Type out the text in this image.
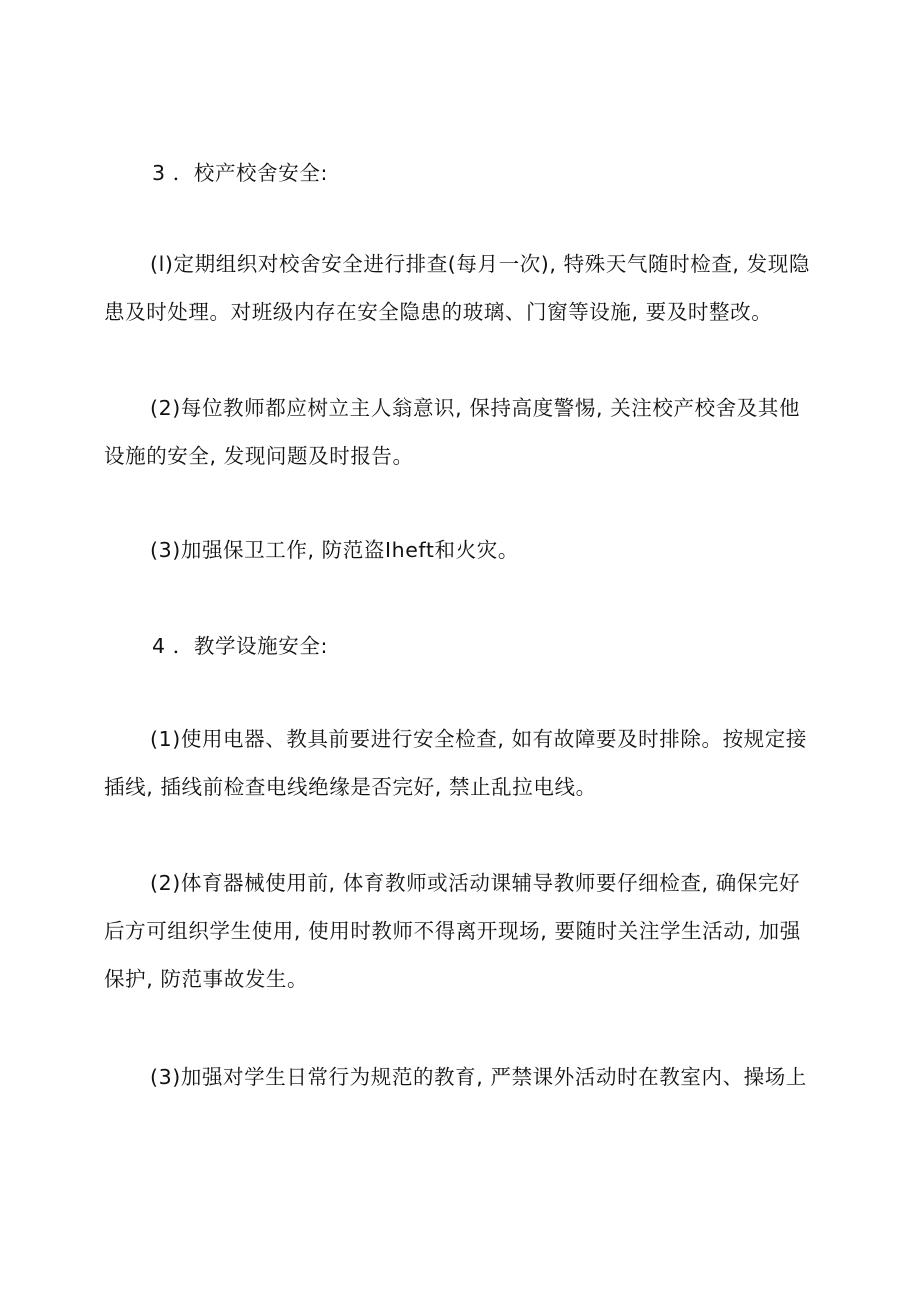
3 ．校产校舍安全:

(l)定期组织对校舍安全进行排查(每月一次), 特殊天气随时检查, 发现隐
患及时处理。对班级内存在安全隐患的玻璃、门窗等设施, 要及时整改。

(2)每位教师都应树立主人翁意识, 保持高度警惕, 关注校产校舍及其他
设施的安全, 发现问题及时报告。

(3)加强保卫工作, 防范盗Iheft和火灾。

4 ．教学设施安全:

(1)使用电器、教具前要进行安全检查, 如有故障要及时排除。按规定接
插线, 插线前检查电线绝缘是否完好, 禁止乱拉电线。

(2)体育器械使用前, 体育教师或活动课辅导教师要仔细检查, 确保完好
后方可组织学生使用, 使用时教师不得离开现场, 要随时关注学生活动, 加强
保护, 防范事故发生。

(3)加强对学生日常行为规范的教育, 严禁课外活动时在教室内、操场上
